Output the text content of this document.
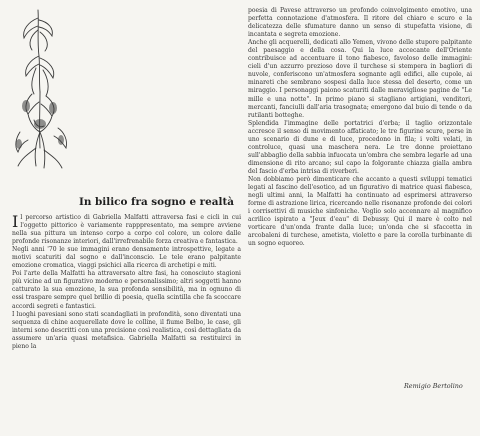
In bilico fra sogno e realtà

Il percorso artistico di Gabriella Malfatti attraversa fasi e cicli in cui l'oggetto pittorico è variamente rapppresentato, ma sempre avviene nella sua pittura un intenso corpo a corpo col colore, un colore dalle profonde risonanze interiori, dall'irrefrenabile forza creativa e fantastica.

Negli anni '70 le sue immagini erano densamente introspettive, legate a motivi scaturiti dal sogno e dall'inconscio. Le tele erano palpitante emozione cromatica, viaggi psichici alla ricerca di archetipi e miti.

Poi l'arte della Malfatti ha attraversato altre fasi, ha conosciuto stagioni più vicine ad un figurativo moderno e personalissimo; altri soggetti hanno catturato la sua emozione, la sua profonda sensibilità, ma in ognuno di essi traspare sempre quel brillio di poesia, quella scintilla che fa scoccare accordi segreti e fantastici.

I luoghi pavesiani sono stati scandagliati in profondità, sono diventati una sequenza di chine acquerellate dove le colline, il fiume Belbo, le case, gli interni sono descritti con una precisione così realistica, così dettagliata da assumere un'aria quasi metafisica. Gabriella Malfatti sa restituirci in pieno la

poesia di Pavese attraverso un profondo coinvolgimento emotivo, una perfetta connotazione d'atmosfera. Il ritore del chiaro e scuro e la delicatezza delle sfumature danno un senso di stupefatta visione, di incantata e segreta emozione.

Anche gli acquerelli, dedicati allo Yemen, vivono delle stupore palpitante del paesaggio e della cosa. Qui la luce accecante dell'Oriente contribuisce ad accentuare il tono fiabesco, favoloso delle immagini: cieli d'un azzurro prezioso dove il turchese si stempera in bagliori di nuvole, conferiscono un'atmosfera sognante agli edifici, alle cupole, ai minareti che sembrano sospesi dalla luce stessa del deserto, come un miraggio. I personaggi paiono scaturiti dalle meravigliose pagine de "Le mille e una notte". In primo piano si stagliano artigiani, venditori, mercanti, fanciulli dall'aria trasognata; emergono dal buio di tende o da rutilanti botteghe.

Splendida l'immagine delle portatrici d'erba; il taglio orizzontale accresce il senso di movimento affaticato; le tre figurine scure, perse in uno scenario di dune e di luce, procedono in fila; i volti velati, in controluce, quasi una maschera nera. Le tre donne proiettano sull'abbaglio della sabbia infuocata un'ombra che sembra legarle ad una dimensione di rito arcano; sul capo la folgorante chiazza gialla ambra del fascio d'erba intrisa di riverberi.

Non dobbiamo però dimenticare che accanto a questi sviluppi tematici legati al fascino dell'esotico, ad un figurativo di matrice quasi fiabesca, negli ultimi anni, la Malfatti ha continuato ad esprimersi attraverso forme di astrazione lirica, ricercando nelle risonanze profonde dei colori i corrisettivi di musiche sinfoniche. Voglio solo accennare al magnifico acrilico ispirato a "Jeux d'eau" di Debussy. Qui il mare è colto nel vorticare d'un'onda frante dalla luce; un'onda che si sfaccetta in arcobaleni di turchese, ametista, violetto e pare la corolla turbinante di un sogno equoreo.

Remigio Bertolino
